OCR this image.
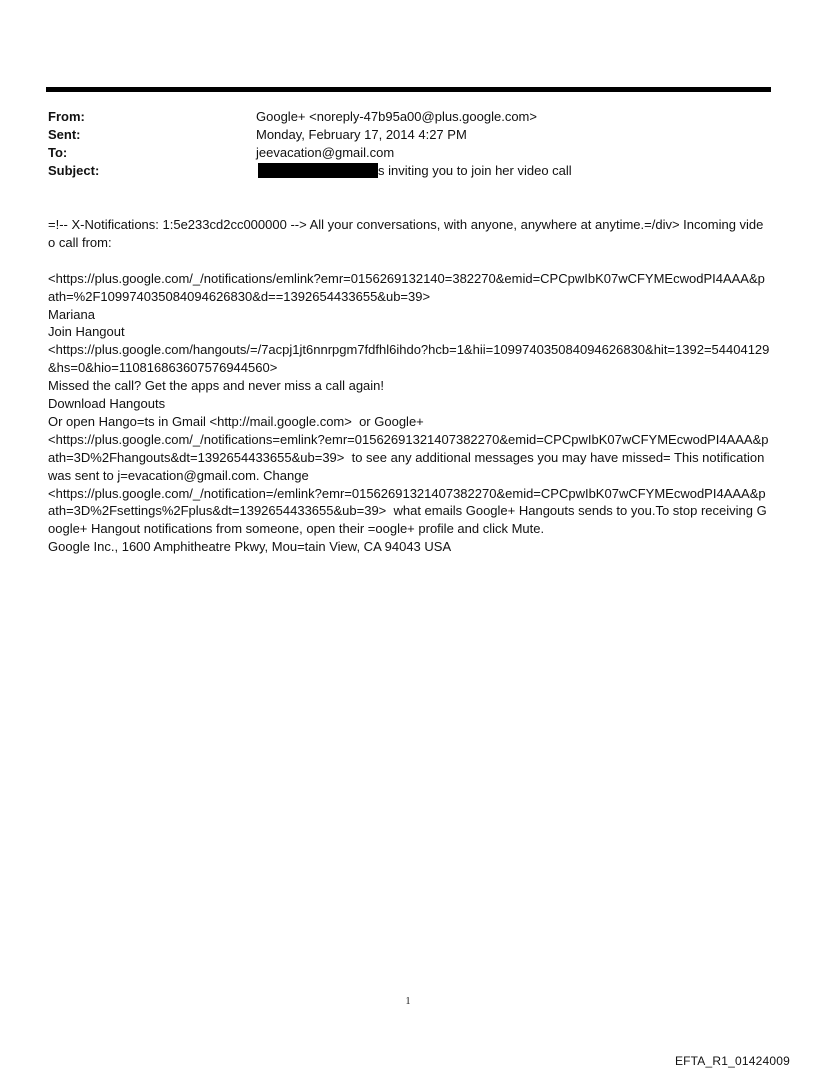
From:	Google+ <noreply-47b95a00@plus.google.com>
Sent:	Monday, February 17, 2014 4:27 PM
To:	jeevacation@gmail.com
Subject:	s inviting you to join her video call

=!-- X-Notifications: 1:5e233cd2cc000000 --> All your conversations, with anyone, anywhere at anytime.=/div> Incoming video call from:

<https://plus.google.com/_/notifications/emlink?emr=0156269132140=382270&emid=CPCpwIbK07wCFYMEcwodPI4AAA&path=%2F109974035084094626830&d==1392654433655&ub=39>

Mariana

Join Hangout

<https://plus.google.com/hangouts/=/7acpj1jt6nnrpgm7fdfhl6ihdo?hcb=1&hii=109974035084094626830&hit=1392=54404129&hs=0&hio=110816863607576944560>

Missed the call? Get the apps and never miss a call again!

Download Hangouts

Or open Hango=ts in Gmail <http://mail.google.com>  or Google+

<https://plus.google.com/_/notifications=emlink?emr=01562691321407382270&emid=CPCpwIbK07wCFYMEcwodPI4AAA&path=3D%2Fhangouts&dt=1392654433655&ub=39>  to see any additional messages you may have missed= This notification was sent to j=evacation@gmail.com. Change

<https://plus.google.com/_/notification=/emlink?emr=01562691321407382270&emid=CPCpwIbK07wCFYMEcwodPI4AAA&path=3D%2Fsettings%2Fplus&dt=1392654433655&ub=39>  what emails Google+ Hangouts sends to you.To stop receiving Google+ Hangout notifications from someone, open their =oogle+ profile and click Mute.

Google Inc., 1600 Amphitheatre Pkwy, Mou=tain View, CA 94043 USA

1
EFTA_R1_01424009
